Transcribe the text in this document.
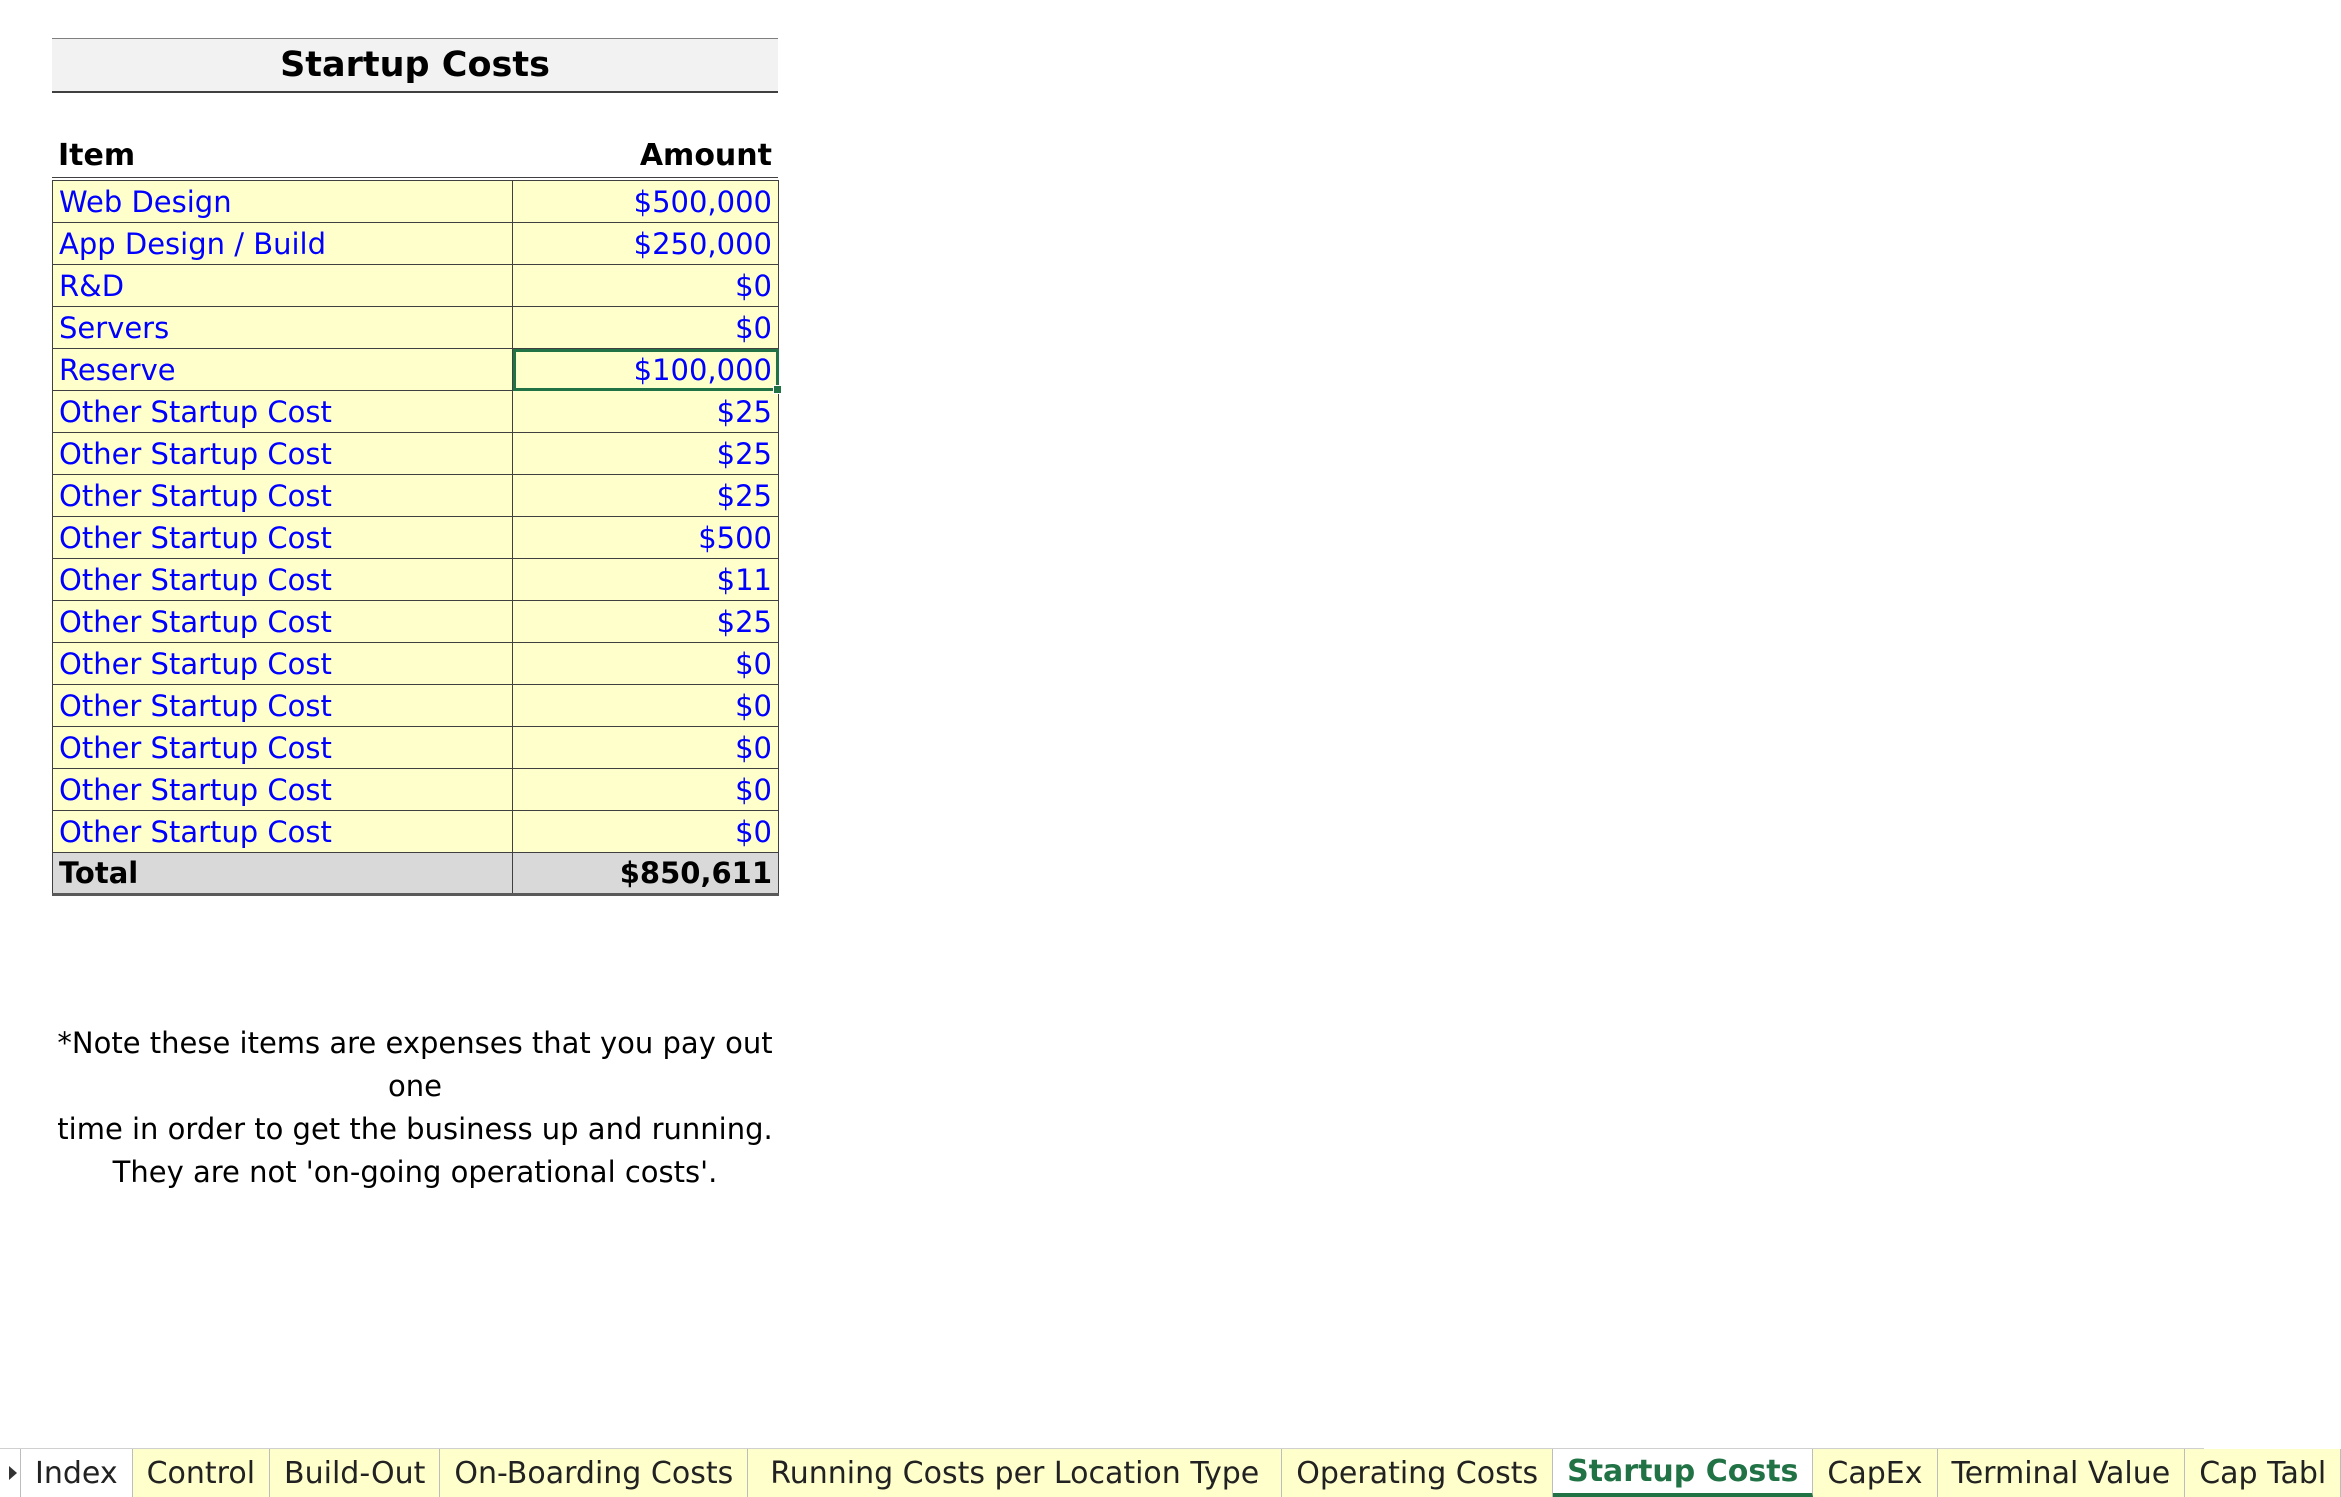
Startup Costs
Item	Amount
Web Design	$500,000
App Design / Build	$250,000
R&D	$0
Servers	$0
Reserve	$100,000

Other Startup Cost	$25
Other Startup Cost	$25
Other Startup Cost	$25
Other Startup Cost	$500
Other Startup Cost	$11
Other Startup Cost	$25
Other Startup Cost	$0
Other Startup Cost	$0
Other Startup Cost	$0
Other Startup Cost	$0
Other Startup Cost	$0
Total	$850,611
*Note these items are expenses that you pay out one
time in order to get the business up and running.
They are not 'on-going operational costs'.
Index Control Build-Out On-Boarding Costs	Running Costs per Location Type	Operating Costs Startup Costs CapEx Terminal Value Cap Tabl
